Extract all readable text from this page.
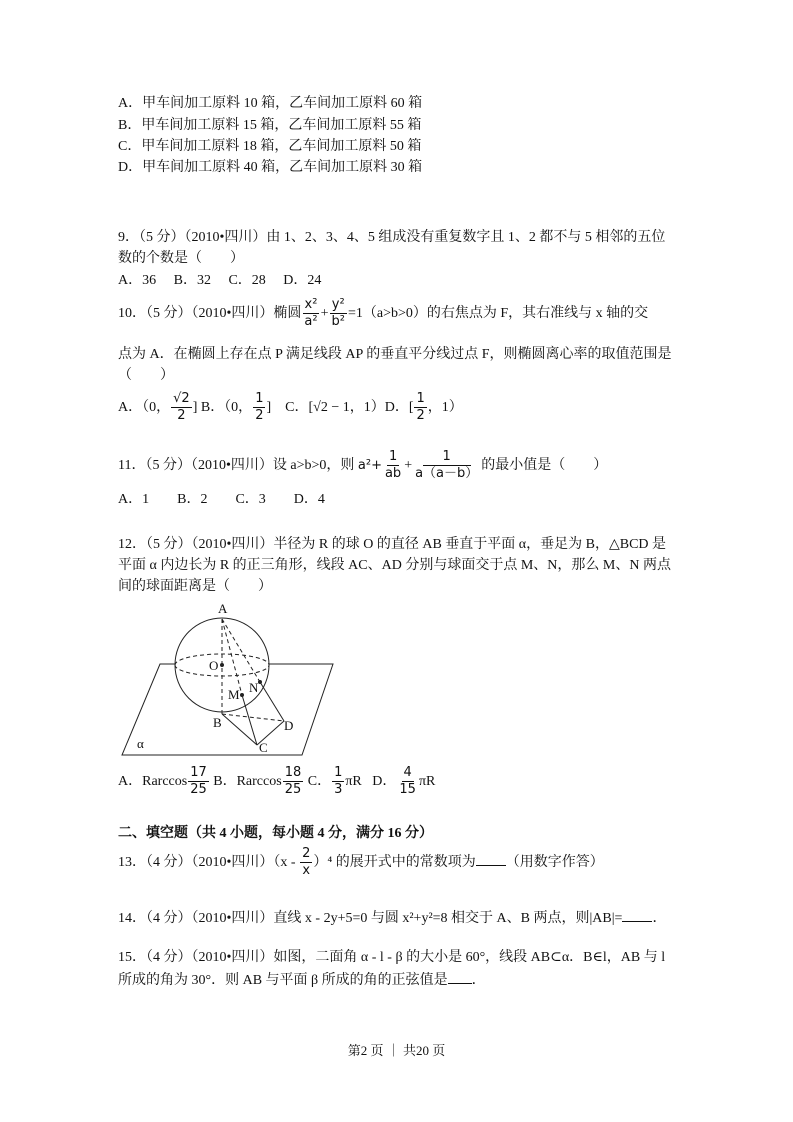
A．甲车间加工原料 10 箱，乙车间加工原料 60 箱
B．甲车间加工原料 15 箱，乙车间加工原料 55 箱
C．甲车间加工原料 18 箱，乙车间加工原料 50 箱
D．甲车间加工原料 40 箱，乙车间加工原料 30 箱
9．（5 分）（2010•四川）由 1、2、3、4、5 组成没有重复数字且 1、2 都不与 5 相邻的五位
数的个数是（　　）
A．36　 B．32　 C．28　 D．24
10．（5 分）（2010•四川）椭圆 $\frac{\text{x²}}{\text{a²}} + \frac{\text{y²}}{\text{b²}} =1(a>b>0)$的右焦点为 F，其右准线与 x 轴的交
点为 A．在椭圆上存在点 P 满足线段 AP 的垂直平分线过点 F，则椭圆离心率的取值范围是
（　　）
A．（0， $\frac{√2}{2}$ ] B．（0， $\frac{1}{2}$ ]　C．[√2 − 1，1）D．[ $\frac{1}{2}$ ，1）
11．（5 分）（2010•四川）设 a>b>0，则 $a^2+ \frac{1}{ab} + \frac{1}{a(a-b)}$ 的最小值是（　　）
A．1　　B．2　　C．3　　D．4
12．（5 分）（2010•四川）半径为 R 的球 O 的直径 AB 垂直于平面 α，垂足为 B，△BCD 是
平面 α 内边长为 R 的正三角形，线段 AC、AD 分别与球面交于点 M、N，那么 M、N 两点
间的球面距离是（　　）
A
O
M N
B	D
C
α
A．Rarccos $\frac{17}{25}$ B．Rarccos $\frac{18}{25}$ C． $\frac{1}{3}$ πR D． $\frac{4}{15}$ πR
二、填空题（共 4 小题，每小题 4 分，满分 16 分）
13．（4 分）（2010•四川）$(x - \frac{2}{x} )^4$ 的展开式中的常数项为 （用数字作答）
14．（4 分）（2010•四川）直线 x - 2y+5=0 与圆 x²+y²=8 相交于 A、B 两点，则|AB|= ．
15．（4 分）（2010•四川）如图，二面角 α - l - β 的大小是 60°，线段 AB⊂α．B∈l，AB 与 l
所成的角为 30°．则 AB 与平面 β 所成的角的正弦值是 ．
第2 页 ｜ 共20 页
